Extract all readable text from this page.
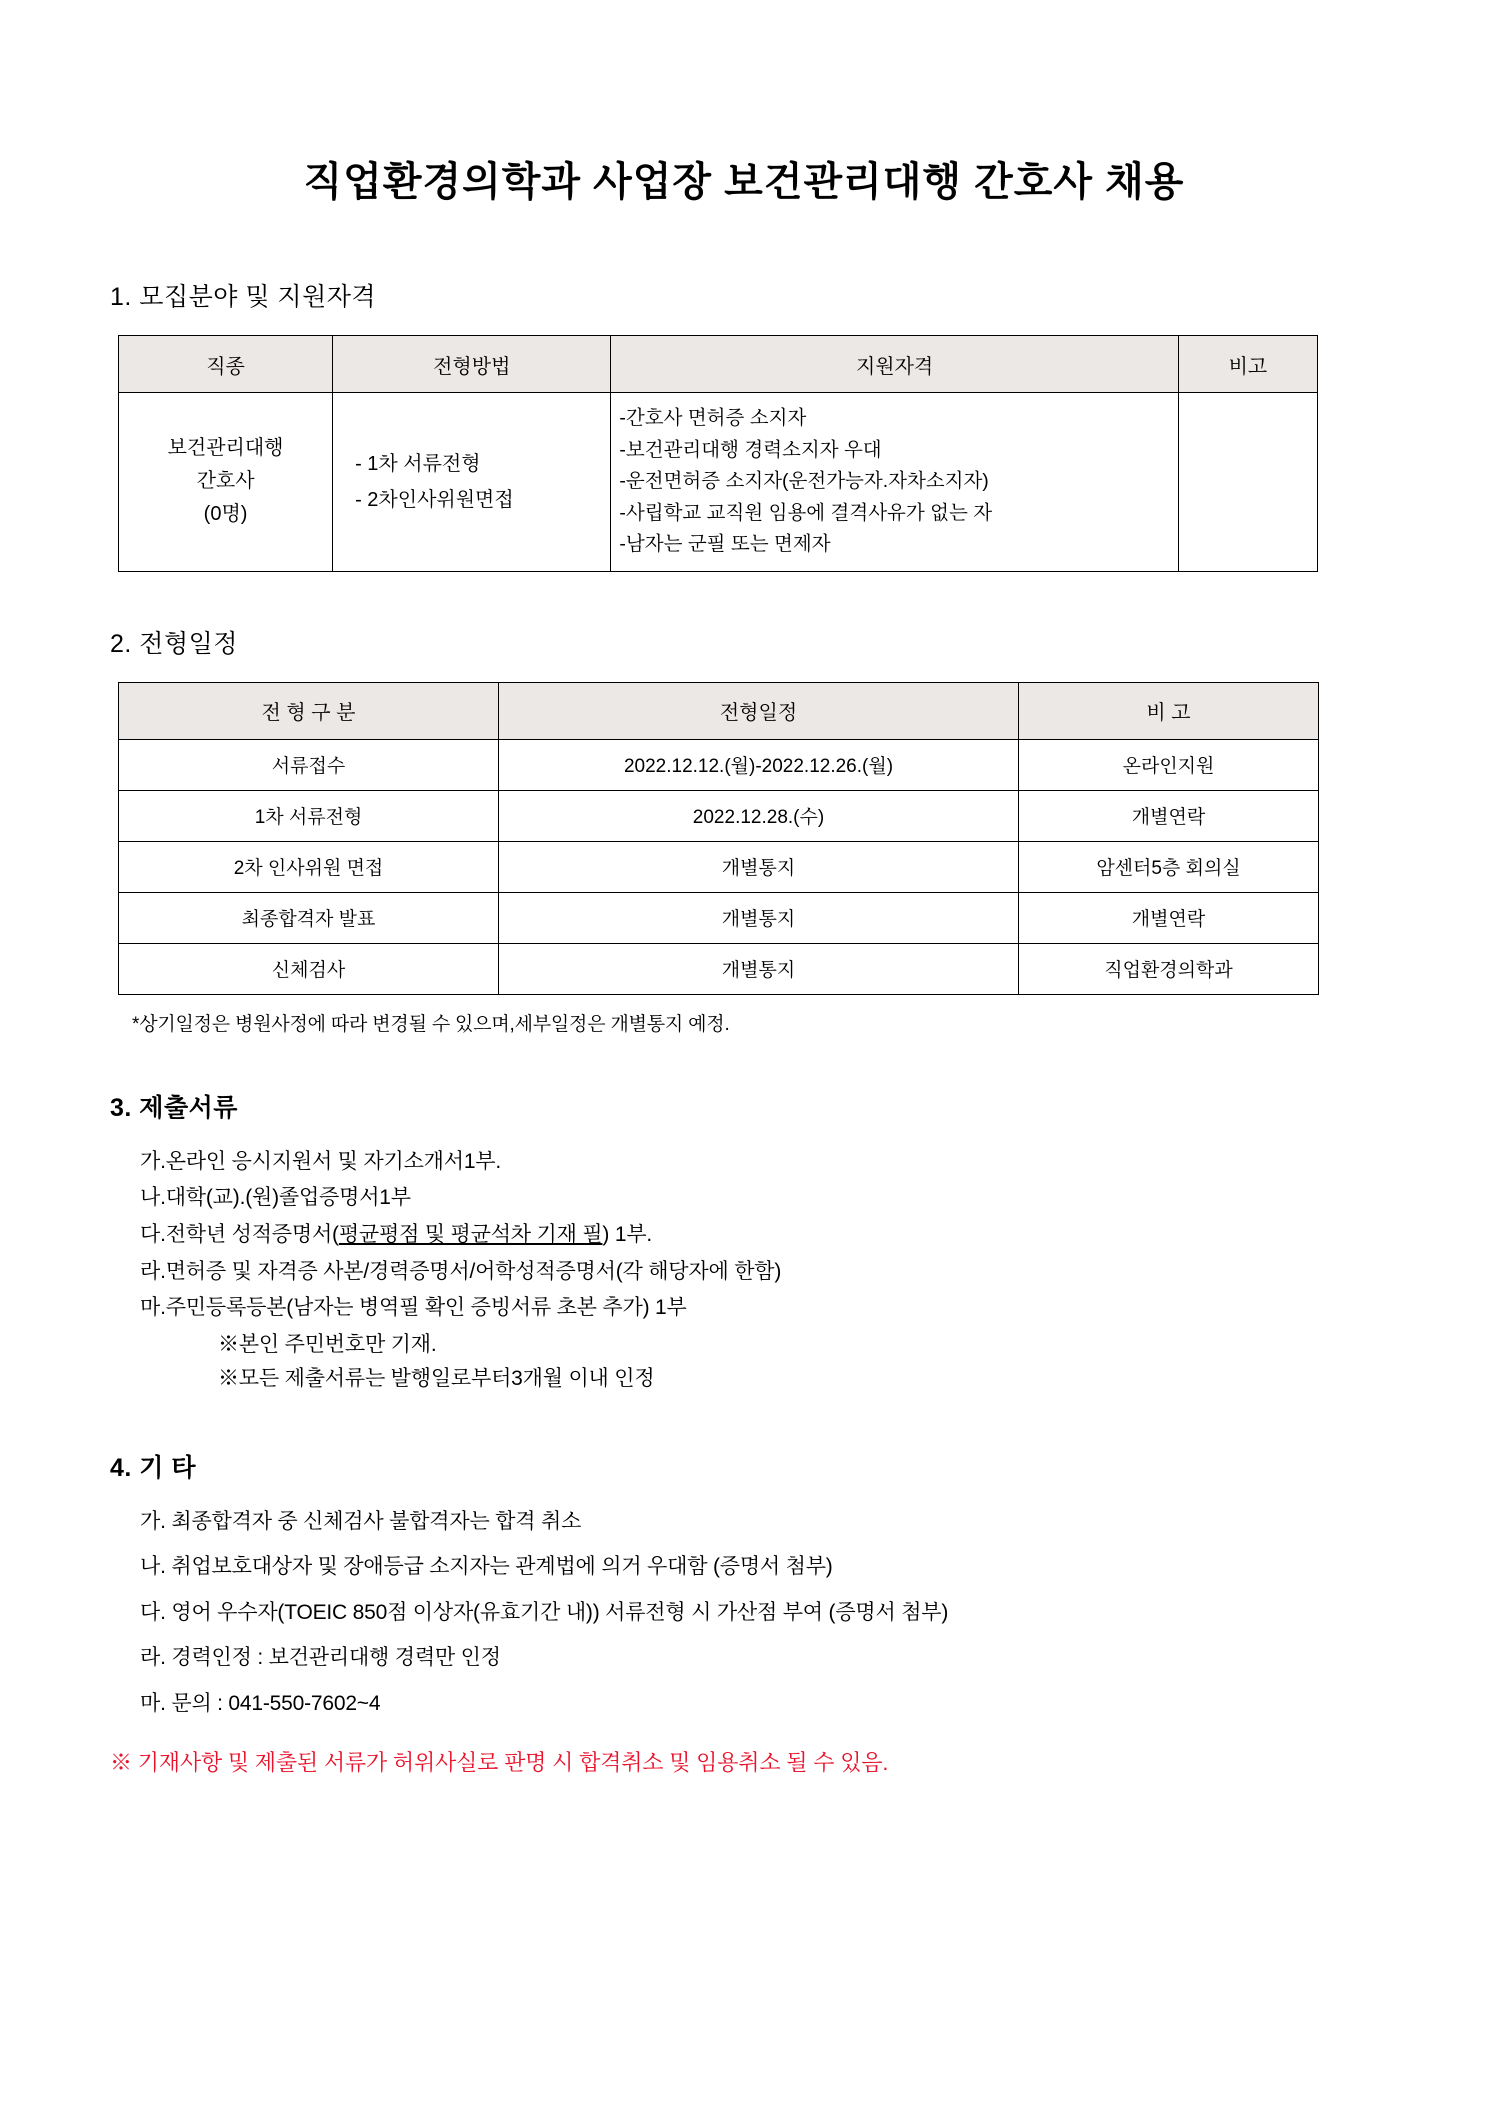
직업환경의학과 사업장 보건관리대행 간호사 채용
1. 모집분야 및 지원자격
직종	전형방법	지원자격	비고

보건관리대행
간호사
(0명)

- 1차 서류전형
- 2차인사위원면접

-간호사 면허증 소지자
-보건관리대행 경력소지자 우대
-운전면허증 소지자(운전가능자.자차소지자)
-사립학교 교직원 임용에 결격사유가 없는 자
-남자는 군필 또는 면제자

2. 전형일정
전 형 구 분	전형일정	비 고
서류접수	2022.12.12.(월)-2022.12.26.(월)	온라인지원
1차 서류전형	2022.12.28.(수)	개별연락
2차 인사위원 면접	개별통지	암센터5층 회의실
최종합격자 발표	개별통지	개별연락
신체검사	개별통지	직업환경의학과
*상기일정은 병원사정에 따라 변경될 수 있으며,세부일정은 개별통지 예정.
3. 제출서류
가.온라인 응시지원서 및 자기소개서1부.
나.대학(교).(원)졸업증명서1부
다.전학년 성적증명서(평균평점 및 평균석차 기재 필) 1부.
라.면허증 및 자격증 사본/경력증명서/어학성적증명서(각 해당자에 한함)
마.주민등록등본(남자는 병역필 확인 증빙서류 초본 추가) 1부
※본인 주민번호만 기재.
※모든 제출서류는 발행일로부터3개월 이내 인정
4. 기 타
가. 최종합격자 중 신체검사 불합격자는 합격 취소
나. 취업보호대상자 및 장애등급 소지자는 관계법에 의거 우대함 (증명서 첨부)
다. 영어 우수자(TOEIC 850점 이상자(유효기간 내)) 서류전형 시 가산점 부여 (증명서 첨부)
라. 경력인정 : 보건관리대행 경력만 인정
마. 문의 : 041-550-7602~4
※ 기재사항 및 제출된 서류가 허위사실로 판명 시 합격취소 및 임용취소 될 수 있음.
